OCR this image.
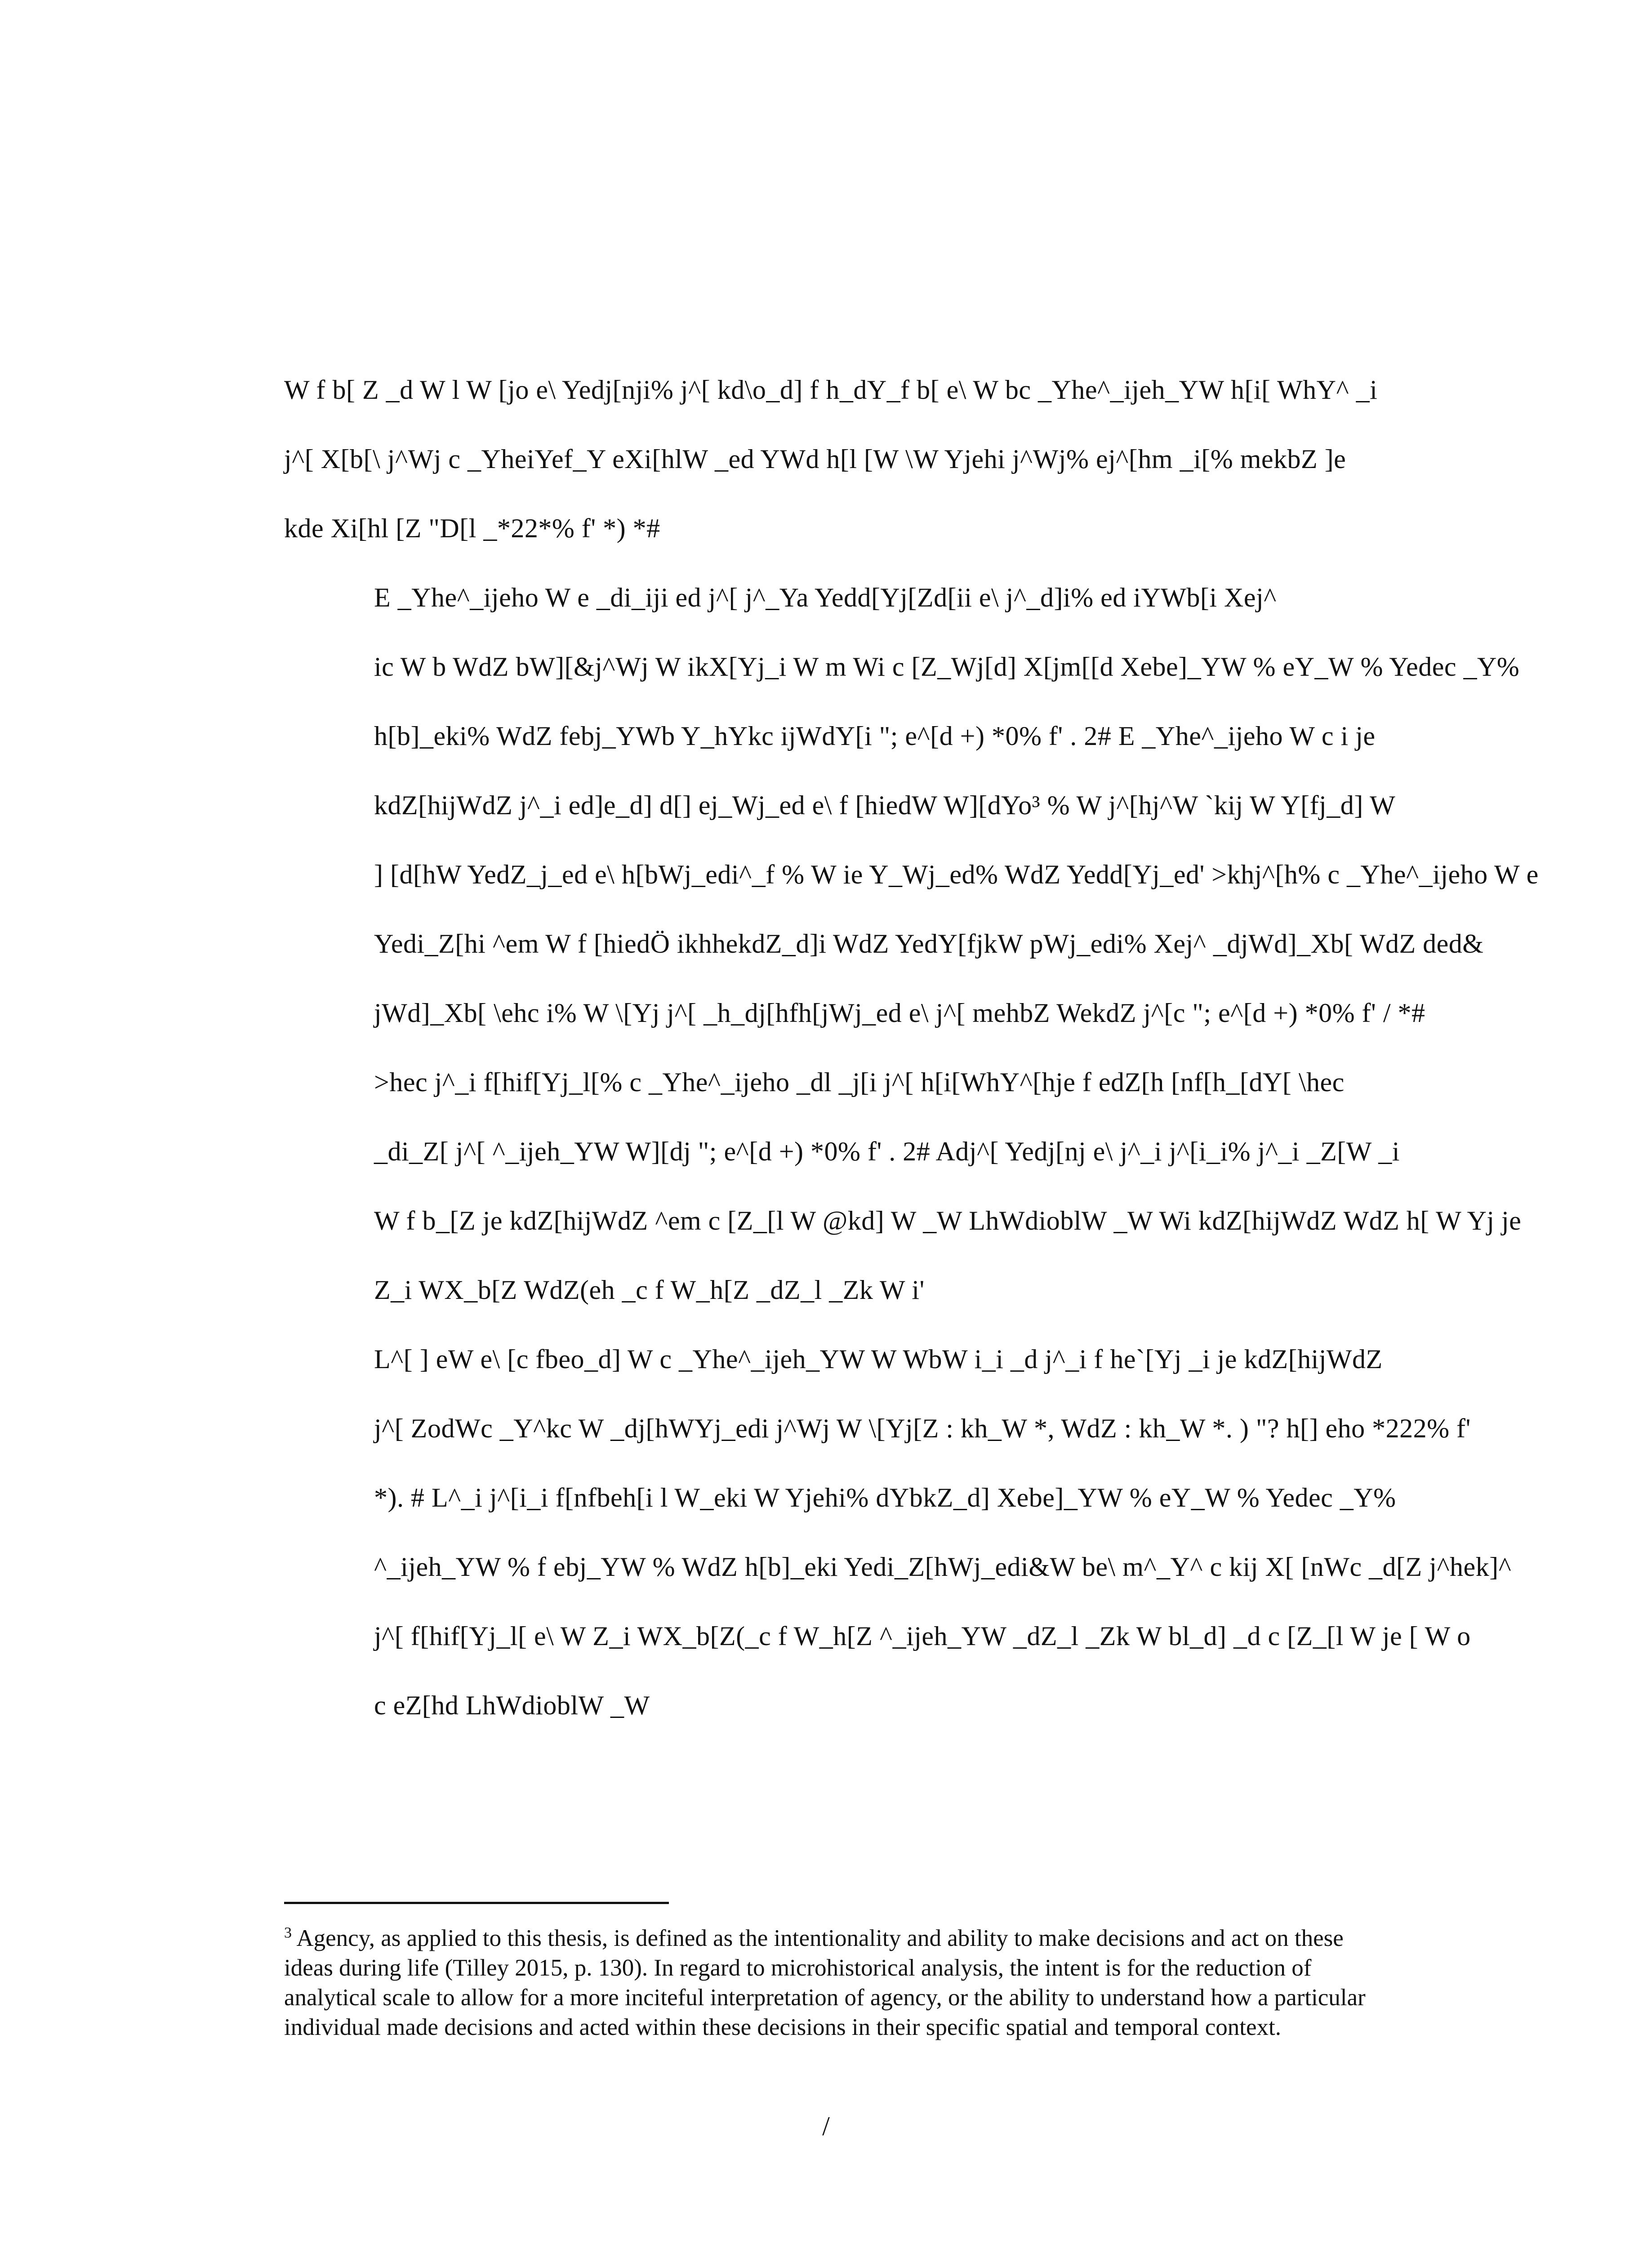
W f b[ Z _d W l W [jo e\ Yedj[nji% j^[ kd\o_d] f h_dY_f b[ e\ W bc _Yhe^_ijeh_YW h[i[ WhY^ _i
j^[ X[b[\ j^Wj c _YheiYef_Y eXi[hlW _ed YWd h[l [W \W Yjehi j^Wj% ej^[hm _i[% mekbZ ]e
kde Xi[hl [Z "D[l _*22*% f' *) *#

E _Yhe^_ijeho W e _di_iji ed j^[ j^_Ya Yedd[Yj[Zd[ii e\ j^_d]i% ed iYWb[i Xej^
ic W b WdZ bW][&j^Wj W ikX[Yj_i W m Wi c [Z_Wj[d] X[jm[[d Xebe]_YW % eY_W % Yedec _Y%
h[b]_eki% WdZ febj_YWb Y_hYkc ijWdY[i "; e^[d +) *0% f' . 2# E _Yhe^_ijeho W c i je
kdZ[hijWdZ j^_i ed]e_d] d[] ej_Wj_ed e\ f [hiedW W][dYo³ % W j^[hj^W `kij W Y[fj_d] W
] [d[hW YedZ_j_ed e\ h[bWj_edi^_f % W ie Y_Wj_ed% WdZ Yedd[Yj_ed' >khj^[h% c _Yhe^_ijeho W e
Yedi_Z[hi ^em W f [hiedÖ ikhhekdZ_d]i WdZ YedY[fjkW pWj_edi% Xej^ _djWd]_Xb[ WdZ ded&
jWd]_Xb[ \ehc i% W \[Yj j^[ _h_dj[hfh[jWj_ed e\ j^[ mehbZ WekdZ j^[c "; e^[d +) *0% f' / *#
>hec j^_i f[hif[Yj_l[% c _Yhe^_ijeho _dl _j[i j^[ h[i[WhY^[hje f edZ[h [nf[h_[dY[ \hec
_di_Z[ j^[ ^_ijeh_YW W][dj "; e^[d +) *0% f' . 2# Adj^[ Yedj[nj e\ j^_i j^[i_i% j^_i _Z[W _i
W f b_[Z je kdZ[hijWdZ ^em c [Z_[l W @kd] W _W LhWdioblW _W Wi kdZ[hijWdZ WdZ h[ W Yj je
Z_i WX_b[Z WdZ(eh _c f W_h[Z _dZ_l _Zk W i'

L^[ ] eW e\ [c fbeo_d] W c _Yhe^_ijeh_YW W WbW i_i _d j^_i f he`[Yj _i je kdZ[hijWdZ
j^[ ZodWc _Y^kc W _dj[hWYj_edi j^Wj W \[Yj[Z : kh_W *, WdZ : kh_W *. ) "? h[] eho *222% f'
*). # L^_i j^[i_i f[nfbeh[i l W_eki W Yjehi% dYbkZ_d] Xebe]_YW % eY_W % Yedec _Y%
^_ijeh_YW % f ebj_YW % WdZ h[b]_eki Yedi_Z[hWj_edi&W be\ m^_Y^ c kij X[ [nWc _d[Z j^hek]^
j^[ f[hif[Yj_l[ e\ W Z_i WX_b[Z(_c f W_h[Z ^_ijeh_YW _dZ_l _Zk W bl_d] _d c [Z_[l W je [ W o
c eZ[hd LhWdioblW _W

$^3$ Agency, as applied to this thesis, is defined as the intentionality and ability to make decisions and act on these ideas during life (Tilley 2015, p. 130). In regard to microhistorical analysis, the intent is for the reduction of analytical scale to allow for a more inciteful interpretation of agency, or the ability to understand how a particular individual made decisions and acted within these decisions in their specific spatial and temporal context.

/
